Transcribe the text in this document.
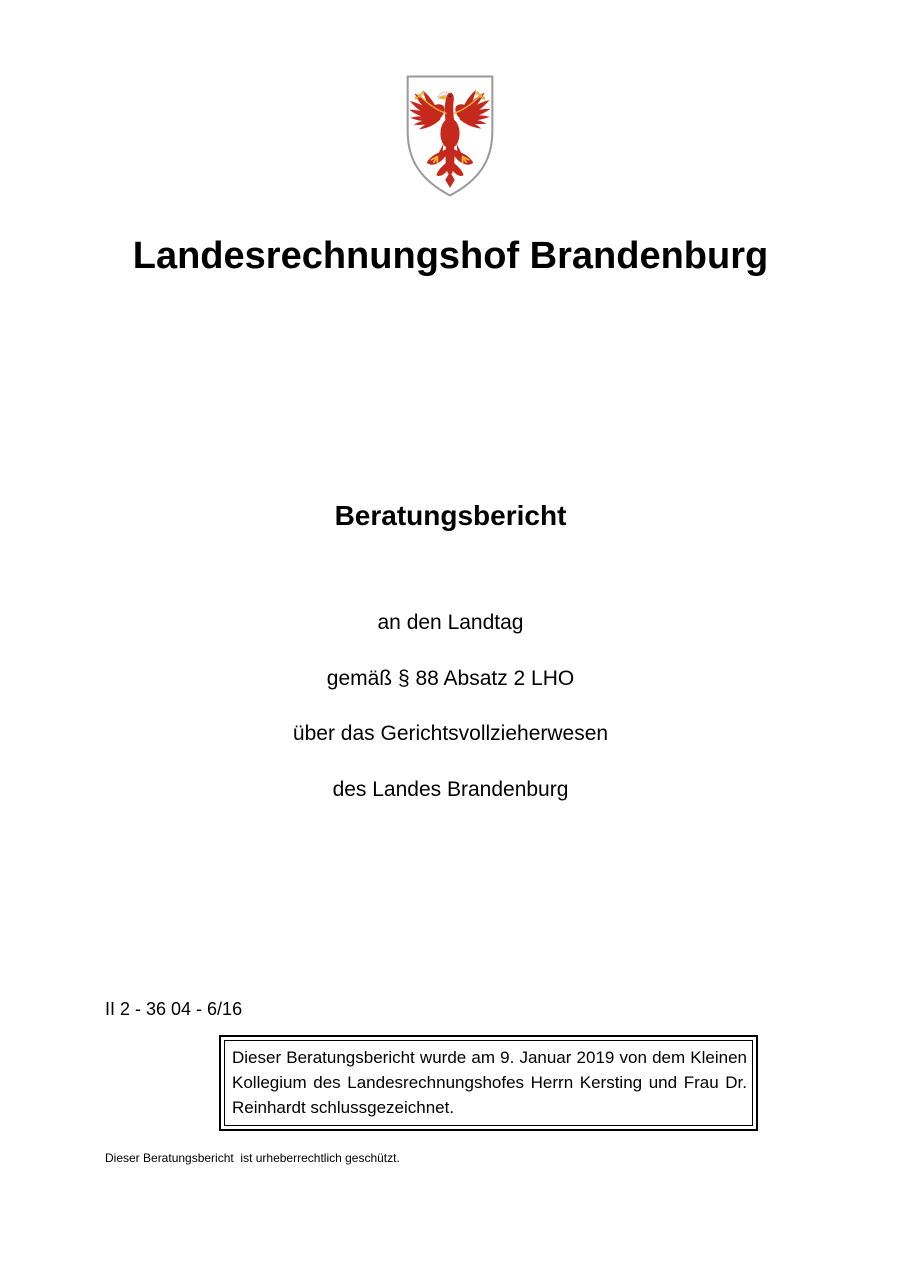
Landesrechnungshof Brandenburg
Beratungsbericht
an den Landtag
gemäß § 88 Absatz 2 LHO
über das Gerichtsvollzieherwesen
des Landes Brandenburg
II 2 - 36 04 - 6/16
Dieser Beratungsbericht wurde am 9. Januar 2019 von dem Kleinen Kollegium des Landesrechnungshofes Herrn Kersting und Frau Dr. Reinhardt schlussgezeichnet.
Dieser Beratungsbericht  ist urheberrechtlich geschützt.
